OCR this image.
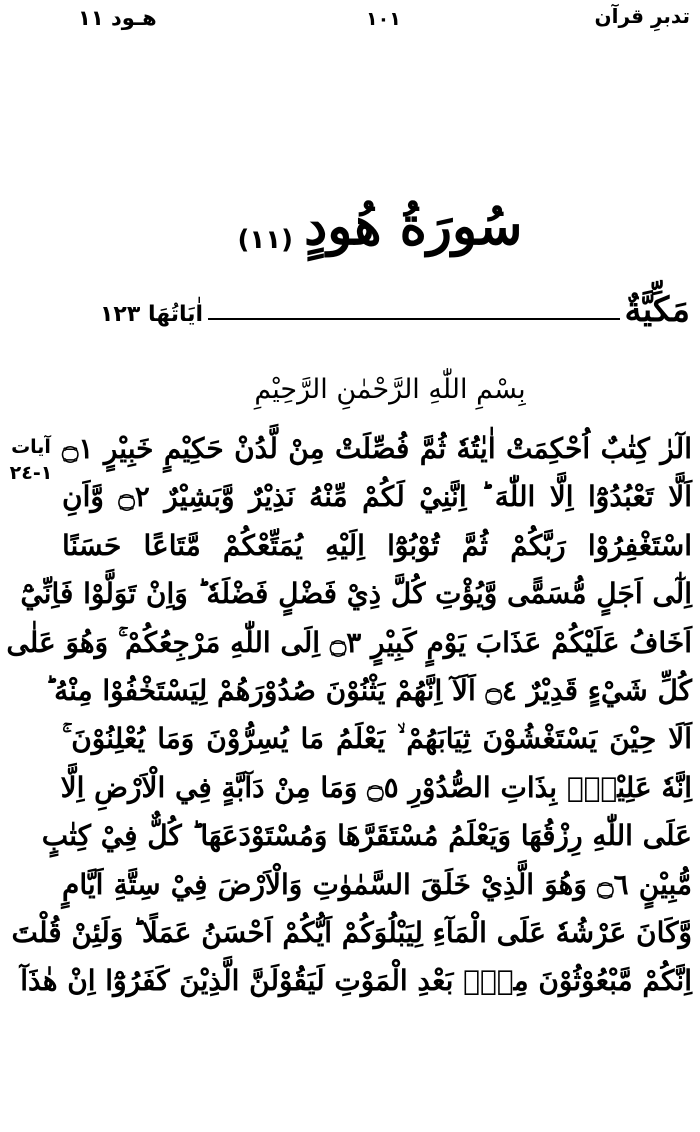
هـود ١١	١٠١	تدبرِ قرآن
سُورَةُ هُودٍ (١١)
مَكِّيَّةٌ
اٰيَاتُهَا ١٢٣
بِسْمِ اللّٰهِ الرَّحْمٰنِ الرَّحِيْمِ
آيات
١-٢٤
الٓرٰ كِتٰبٌ اُحْكِمَتْ اٰيٰتُهٗ ثُمَّ فُصِّلَتْ مِنْ لَّدُنْ حَكِيْمٍ خَبِيْرٍ ۝١
اَلَّا تَعْبُدُوْٓا اِلَّا اللّٰهَ ؕ اِنَّنِيْ لَكُمْ مِّنْهُ نَذِيْرٌ وَّبَشِيْرٌ ۝٢ وَّاَنِ
اسْتَغْفِرُوْا رَبَّكُمْ ثُمَّ تُوْبُوْٓا اِلَيْهِ يُمَتِّعْكُمْ مَّتَاعًا حَسَنًا
اِلٰٓى اَجَلٍ مُّسَمًّى وَّيُؤْتِ كُلَّ ذِيْ فَضْلٍ فَضْلَهٗ ؕ وَاِنْ تَوَلَّوْا فَاِنِّيْٓ
اَخَافُ عَلَيْكُمْ عَذَابَ يَوْمٍ كَبِيْرٍ ۝٣ اِلَى اللّٰهِ مَرْجِعُكُمْ ۚ وَهُوَ عَلٰى
كُلِّ شَيْءٍ قَدِيْرٌ ۝٤ اَلَآ اِنَّهُمْ يَثْنُوْنَ صُدُوْرَهُمْ لِيَسْتَخْفُوْا مِنْهُ ؕ
اَلَا حِيْنَ يَسْتَغْشُوْنَ ثِيَابَهُمْ ۙ يَعْلَمُ مَا يُسِرُّوْنَ وَمَا يُعْلِنُوْنَ ۚ
اِنَّهٗ عَلِيْمٌۢ بِذَاتِ الصُّدُوْرِ ۝٥ وَمَا مِنْ دَآبَّةٍ فِي الْاَرْضِ اِلَّا
عَلَى اللّٰهِ رِزْقُهَا وَيَعْلَمُ مُسْتَقَرَّهَا وَمُسْتَوْدَعَهَا ؕ كُلٌّ فِيْ كِتٰبٍ
مُّبِيْنٍ ۝٦ وَهُوَ الَّذِيْ خَلَقَ السَّمٰوٰتِ وَالْاَرْضَ فِيْ سِتَّةِ اَيَّامٍ
وَّكَانَ عَرْشُهٗ عَلَى الْمَآءِ لِيَبْلُوَكُمْ اَيُّكُمْ اَحْسَنُ عَمَلًا ؕ وَلَئِنْ قُلْتَ
اِنَّكُمْ مَّبْعُوْثُوْنَ مِنْۢ بَعْدِ الْمَوْتِ لَيَقُوْلَنَّ الَّذِيْنَ كَفَرُوْٓا اِنْ هٰذَآ
